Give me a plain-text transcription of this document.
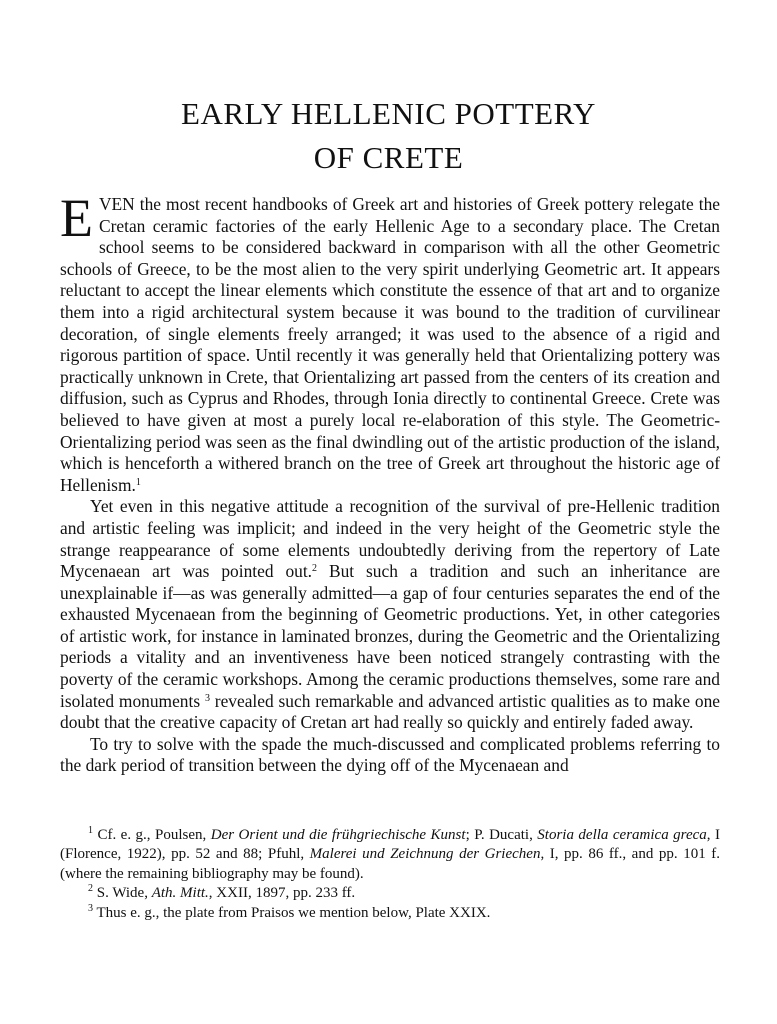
EARLY HELLENIC POTTERY
OF CRETE

EVEN the most recent handbooks of Greek art and histories of Greek pottery relegate the Cretan ceramic factories of the early Hellenic Age to a secondary place. The Cretan school seems to be considered backward in comparison with all the other Geometric schools of Greece, to be the most alien to the very spirit underlying Geometric art. It appears reluctant to accept the linear elements which constitute the essence of that art and to organize them into a rigid architectural system because it was bound to the tradition of curvilinear decoration, of single elements freely arranged; it was used to the absence of a rigid and rigorous partition of space. Until recently it was generally held that Orientalizing pottery was practically unknown in Crete, that Orientalizing art passed from the centers of its creation and diffusion, such as Cyprus and Rhodes, through Ionia directly to continental Greece. Crete was believed to have given at most a purely local re-elaboration of this style. The Geometric-Orientalizing period was seen as the final dwindling out of the artistic production of the island, which is henceforth a withered branch on the tree of Greek art throughout the historic age of Hellenism.$^1$

Yet even in this negative attitude a recognition of the survival of pre-Hellenic tradition and artistic feeling was implicit; and indeed in the very height of the Geometric style the strange reappearance of some elements undoubtedly deriving from the repertory of Late Mycenaean art was pointed out.$^2$ But such a tradition and such an inheritance are unexplainable if—as was generally admitted—a gap of four centuries separates the end of the exhausted Mycenaean from the beginning of Geometric productions. Yet, in other categories of artistic work, for instance in laminated bronzes, during the Geometric and the Orientalizing periods a vitality and an inventiveness have been noticed strangely contrasting with the poverty of the ceramic workshops. Among the ceramic productions themselves, some rare and isolated monuments $^3$ revealed such remarkable and advanced artistic qualities as to make one doubt that the creative capacity of Cretan art had really so quickly and entirely faded away.

To try to solve with the spade the much-discussed and complicated problems referring to the dark period of transition between the dying off of the Mycenaean and

$^1$ Cf. e. g., Poulsen, Der Orient und die frühgriechische Kunst; P. Ducati, Storia della ceramica greca, I (Florence, 1922), pp. 52 and 88; Pfuhl, Malerei und Zeichnung der Griechen, I, pp. 86 ff., and pp. 101 f. (where the remaining bibliography may be found).

$^2$ S. Wide, Ath. Mitt., XXII, 1897, pp. 233 ff.

$^3$ Thus e. g., the plate from Praisos we mention below, Plate XXIX.
